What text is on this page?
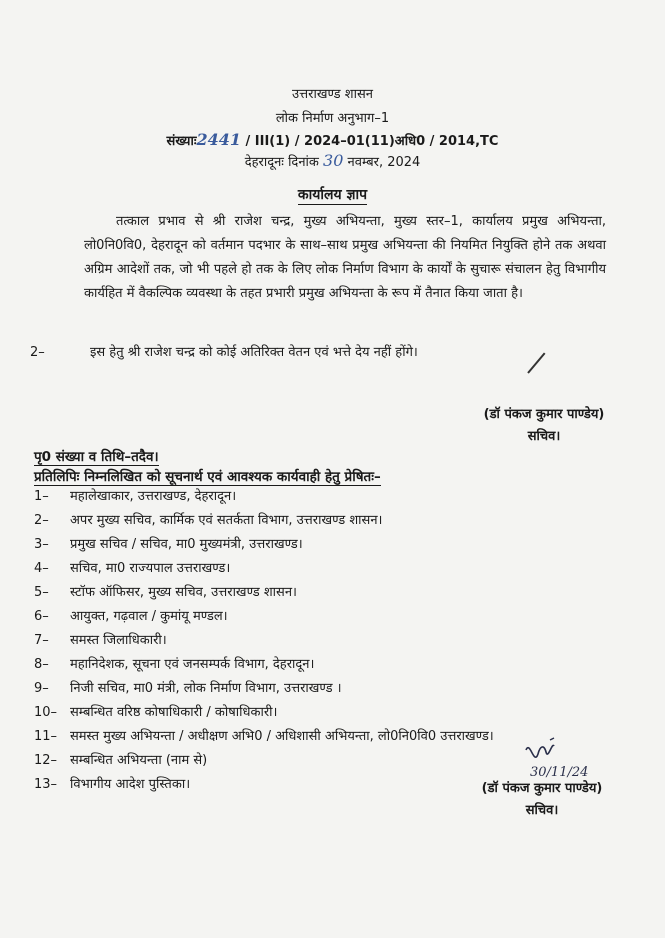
उत्तराखण्ड शासन
लोक निर्माण अनुभाग–1
संख्याः2441 / III(1) / 2024–01(11)अधि0 / 2014,TC
देहरादूनः दिनांक 30 नवम्बर, 2024
कार्यालय ज्ञाप
तत्काल प्रभाव से श्री राजेश चन्द्र, मुख्य अभियन्ता, मुख्य स्तर–1, कार्यालय प्रमुख अभियन्ता, लो0नि0वि0, देहरादून को वर्तमान पदभार के साथ–साथ प्रमुख अभियन्ता की नियमित नियुक्ति होने तक अथवा अग्रिम आदेशों तक, जो भी पहले हो तक के लिए लोक निर्माण विभाग के कार्यों के सुचारू संचालन हेतु विभागीय कार्यहित में वैकल्पिक व्यवस्था के तहत प्रभारी प्रमुख अभियन्ता के रूप में तैनात किया जाता है।
2–	इस हेतु श्री राजेश चन्द्र को कोई अतिरिक्त वेतन एवं भत्ते देय नहीं होंगे।
(डॉ पंकज कुमार पाण्डेय)
सचिव।
पृ0 संख्या व तिथि–तदैव।
प्रतिलिपिः निम्नलिखित को सूचनार्थ एवं आवश्यक कार्यवाही हेतु प्रेषितः–
1– महालेखाकार, उत्तराखण्ड, देहरादून।
2– अपर मुख्य सचिव, कार्मिक एवं सतर्कता विभाग, उत्तराखण्ड शासन।
3– प्रमुख सचिव / सचिव, मा0 मुख्यमंत्री, उत्तराखण्ड।
4– सचिव, मा0 राज्यपाल उत्तराखण्ड।
5– स्टॉफ ऑफिसर, मुख्य सचिव, उत्तराखण्ड शासन।
6– आयुक्त, गढ़वाल / कुमांयू मण्डल।
7– समस्त जिलाधिकारी।
8– महानिदेशक, सूचना एवं जनसम्पर्क विभाग, देहरादून।
9– निजी सचिव, मा0 मंत्री, लोक निर्माण विभाग, उत्तराखण्ड ।
10– सम्बन्धित वरिष्ठ कोषाधिकारी / कोषाधिकारी।
11– समस्त मुख्य अभियन्ता / अधीक्षण अभि0 / अधिशासी अभियन्ता, लो0नि0वि0 उत्तराखण्ड।
12– सम्बन्धित अभियन्ता (नाम से)
13– विभागीय आदेश पुस्तिका।
30/11/24
(डॉ पंकज कुमार पाण्डेय)
सचिव।
